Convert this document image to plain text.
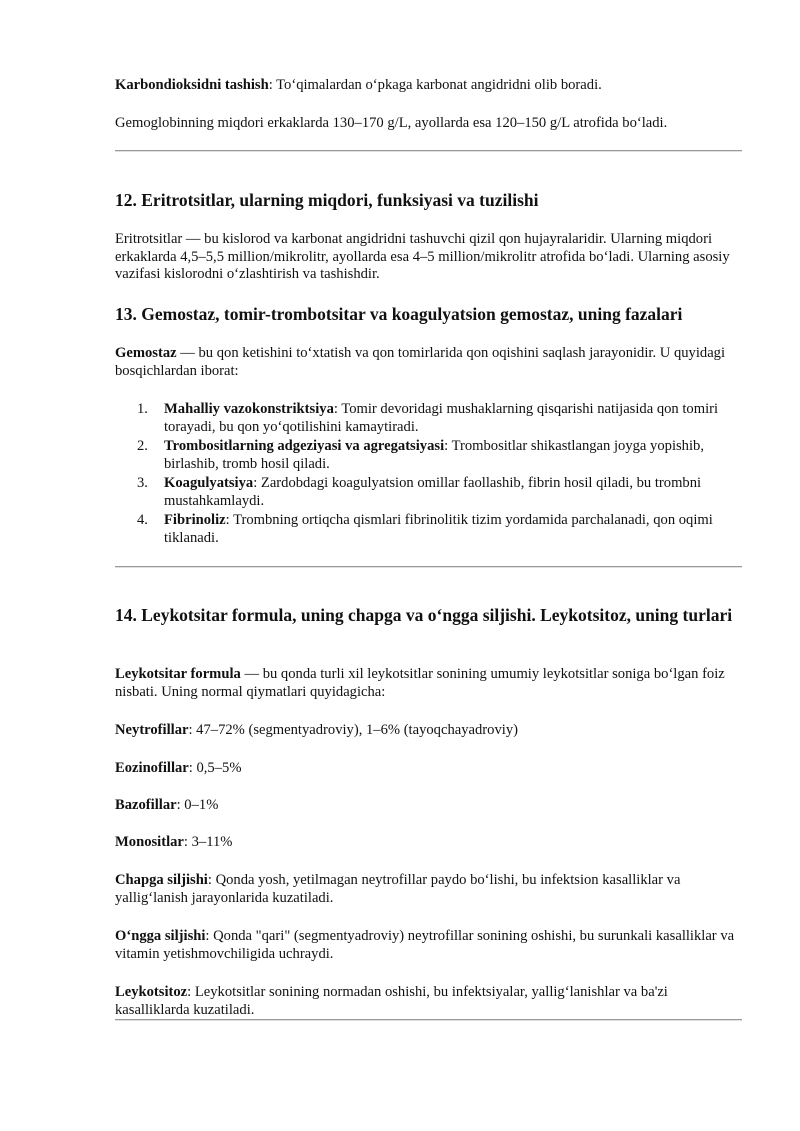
Karbondioksidni tashish: To‘qimalardan o‘pkaga karbonat angidridni olib boradi.

Gemoglobinning miqdori erkaklarda 130–170 g/L, ayollarda esa 120–150 g/L atrofida bo‘ladi.

12. Eritrotsitlar, ularning miqdori, funksiyasi va tuzilishi

Eritrotsitlar — bu kislorod va karbonat angidridni tashuvchi qizil qon hujayralaridir. Ularning miqdori erkaklarda 4,5–5,5 million/mikrolitr, ayollarda esa 4–5 million/mikrolitr atrofida bo‘ladi. Ularning asosiy vazifasi kislorodni o‘zlashtirish va tashishdir.

13. Gemostaz, tomir-trombotsitar va koagulyatsion gemostaz, uning fazalari

Gemostaz — bu qon ketishini to‘xtatish va qon tomirlarida qon oqishini saqlash jarayonidir. U quyidagi bosqichlardan iborat:

1.	Mahalliy vazokonstriktsiya: Tomir devoridagi mushaklarning qisqarishi natijasida qon tomiri torayadi, bu qon yo‘qotilishini kamaytiradi.
2.	Trombositlarning adgeziyasi va agregatsiyasi: Trombositlar shikastlangan joyga yopishib, birlashib, tromb hosil qiladi.
3.	Koagulyatsiya: Zardobdagi koagulyatsion omillar faollashib, fibrin hosil qiladi, bu trombni mustahkamlaydi.
4.	Fibrinoliz: Trombning ortiqcha qismlari fibrinolitik tizim yordamida parchalanadi, qon oqimi tiklanadi.
14. Leykotsitar formula, uning chapga va o‘ngga siljishi. Leykotsitoz, uning turlari

Leykotsitar formula — bu qonda turli xil leykotsitlar sonining umumiy leykotsitlar soniga bo‘lgan foiz nisbati. Uning normal qiymatlari quyidagicha:

Neytrofillar: 47–72% (segmentyadroviy), 1–6% (tayoqchayadroviy)

Eozinofillar: 0,5–5%

Bazofillar: 0–1%

Monositlar: 3–11%

Chapga siljishi: Qonda yosh, yetilmagan neytrofillar paydo bo‘lishi, bu infektsion kasalliklar va yallig‘lanish jarayonlarida kuzatiladi.

O‘ngga siljishi: Qonda "qari" (segmentyadroviy) neytrofillar sonining oshishi, bu surunkali kasalliklar va vitamin yetishmovchiligida uchraydi.

Leykotsitoz: Leykotsitlar sonining normadan oshishi, bu infektsiyalar, yallig‘lanishlar va ba'zi kasalliklarda kuzatiladi.
